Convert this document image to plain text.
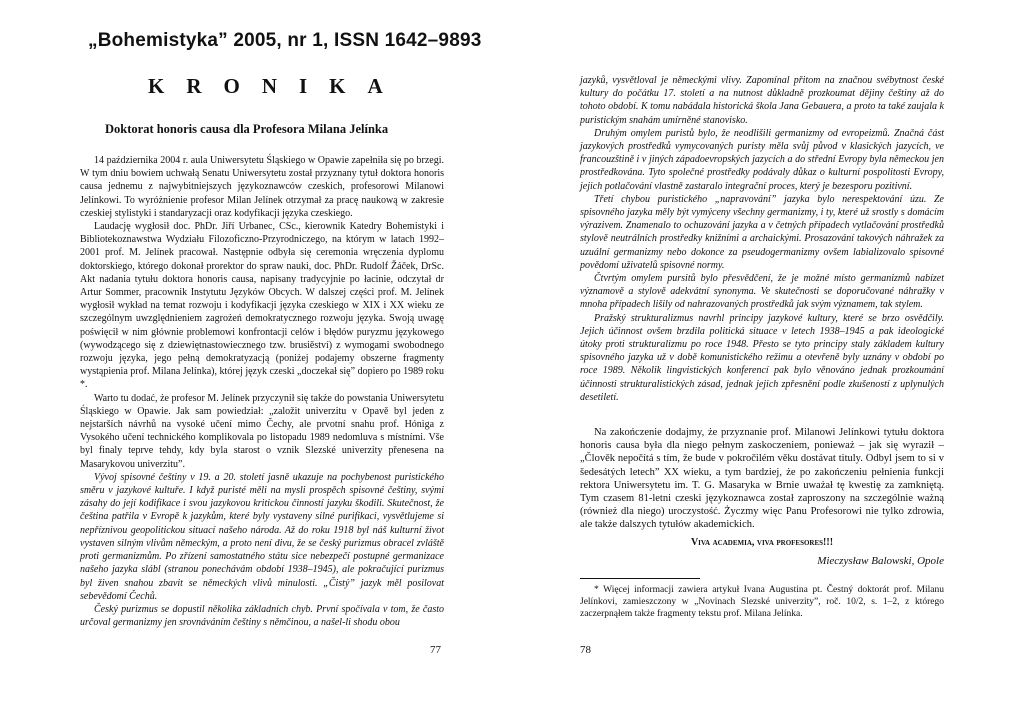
„Bohemistyka” 2005, nr 1, ISSN 1642–9893
KRONIKA
Doktorat honoris causa dla Profesora Milana Jelínka

14 października 2004 r. aula Uniwersytetu Śląskiego w Opawie zapełniła się po brzegi. W tym dniu bowiem uchwałą Senatu Uniwersytetu został przyznany tytuł doktora honoris causa jednemu z najwybitniejszych językoznawców czeskich, profesorowi Milanowi Jelínkowi. To wyróżnienie profesor Milan Jelínek otrzymał za pracę naukową w zakresie czeskiej stylistyki i standaryzacji oraz kodyfikacji języka czeskiego.

Laudację wygłosił doc. PhDr. Jiří Urbanec, CSc., kierownik Katedry Bohemistyki i Bibliotekoznawstwa Wydziału Filozoficzno-Przyrodniczego, na którym w latach 1992–2001 prof. M. Jelínek pracował. Następnie odbyła się ceremonia wręczenia dyplomu doktorskiego, którego dokonał prorektor do spraw nauki, doc. PhDr. Rudolf Žáček, DrSc. Akt nadania tytułu doktora honoris causa, napisany tradycyjnie po łacinie, odczytał dr Artur Sommer, pracownik Instytutu Języków Obcych. W dalszej części prof. M. Jelínek wygłosił wykład na temat rozwoju i kodyfikacji języka czeskiego w XIX i XX wieku ze szczególnym uwzględnieniem zagrożeń demokratycznego rozwoju języka. Swoją uwagę poświęcił w nim głównie problemowi konfrontacji celów i błędów puryzmu językowego (wywodzącego się z dziewiętnastowiecznego tzw. brusiěství) z wymogami swobodnego rozwoju języka, jego pełną demokratyzacją (poniżej podajemy obszerne fragmenty wystąpienia prof. Milana Jelínka), której język czeski „doczekał się” dopiero po 1989 roku *.

Warto tu dodać, że profesor M. Jelínek przyczynił się także do powstania Uniwersytetu Śląskiego w Opawie. Jak sam powiedział: „založit univerzitu v Opavě byl jeden z nejstarších návrhů na vysoké učení mimo Čechy, ale prvotní snahu prof. Hóniga z Vysokého učení technického komplikovala po listopadu 1989 nedomluva s místními. Vše byl finaly teprve tehdy, kdy byla starost o vznik Slezské univerzity přenesena na Masarykovou univerzitu”.

Vývoj spisovné češtiny v 19. a 20. století jasně ukazuje na pochybenost puristického směru v jazykové kultuře. I když puristé měli na mysli prospěch spisovné češtiny, svými zásahy do její kodifikace i svou jazykovou kritickou činností jazyku škodili. Skutečnost, že čeština patřila v Evropě k jazykům, které byly vystaveny silné purifikaci, vysvětlujeme si nepříznivou geopolitickou situací našeho národa. Až do roku 1918 byl náš kulturní život vystaven silným vlivům německým, a proto není divu, že se český purizmus obracel zvláště proti germanizmům. Po zřízení samostatného státu sice nebezpečí postupné germanizace našeho jazyka slábl (stranou ponechávám období 1938–1945), ale pokračující purizmus byl živen snahou zbavit se německých vlivů minulosti. „Čistý” jazyk měl posilovat sebevědomí Čechů.

Český purizmus se dopustil několika základních chyb. První spočívala v tom, že často určoval germanizmy jen srovnáváním češtiny s němčinou, a našel-li shodu obou

77

jazyků, vysvětloval je německými vlivy. Zapomínal přitom na značnou svébytnost české kultury do počátku 17. století a na nutnost důkladně prozkoumat dějiny češtiny až do tohoto období. K tomu nabádala historická škola Jana Gebauera, a proto ta také zaujala k puristickým snahám umírněné stanovisko.

Druhým omylem puristů bylo, že neodlišili germanizmy od evropeizmů. Značná část jazykových prostředků vymycovaných puristy měla svůj původ v klasických jazycích, ve francouzštině i v jiných západoevropských jazycích a do střední Evropy byla německou jen prostředkována. Tyto společné prostředky podávaly důkaz o kulturní pospolitosti Evropy, jejich potlačování vlastně zastaralo integrační proces, který je bezesporu pozitivní.

Třetí chybou puristického „napravování” jazyka bylo nerespektování úzu. Ze spisovného jazyka měly být vymýceny všechny germanizmy, i ty, které už srostly s domácím výrazivem. Znamenalo to ochuzování jazyka a v četných případech vytlačování prostředků stylově neutrálních prostředky knižními a archaickými. Prosazování takových náhražek za uzuální germanizmy nebo dokonce za pseudogermanizmy ovšem labializovalo spisovné povědomí uživatelů spisovné normy.

Čtvrtým omylem pursitů bylo přesvědčení, že je možné místo germanizmů nabízet významově a stylově adekvátní synonyma. Ve skutečnosti se doporučované náhražky v mnoha případech lišily od nahrazovaných prostředků jak svým významem, tak stylem.

Pražský strukturalizmus navrhl principy jazykové kultury, které se brzo osvědčily. Jejich účinnost ovšem brzdila politická situace v letech 1938–1945 a pak ideologické útoky proti strukturalizmu po roce 1948. Přesto se tyto principy staly základem kultury spisovného jazyka už v době komunistického režimu a otevřeně byly uznány v období po roce 1989. Několik lingvistických konferencí pak bylo věnováno jednak prozkoumání účinnosti strukturalistických zásad, jednak jejich zpřesnění podle zkušeností z uplynulých desetiletí.

Na zakończenie dodajmy, że przyznanie prof. Milanowi Jelínkowi tytułu doktora honoris causa była dla niego pełnym zaskoczeniem, ponieważ – jak się wyraził – „Člověk nepočítá s tím, že bude v pokročilém věku dostávat tituly. Odbyl jsem to si v šedesátých letech” XX wieku, a tym bardziej, że po zakończeniu pełnienia funkcji rektora Uniwersytetu im. T. G. Masaryka w Brnie uważał tę kwestię za zamkniętą. Tym czasem 81-letni czeski językoznawca został zaproszony na szczególnie ważną (również dla niego) uroczystość. Życzmy więc Panu Profesorowi nie tylko zdrowia, ale także dalszych tytułów akademickich.

Viva academia, viva profesores!!!
Mieczysław Balowski, Opole

* Więcej informacji zawiera artykuł Ivana Augustina pt. Čestný doktorát prof. Milanu Jelínkovi, zamieszczony w „Novinach Slezské univerzity”, roč. 10/2, s. 1–2, z którego zaczerpnąłem także fragmenty tekstu prof. Milana Jelínka.

78
